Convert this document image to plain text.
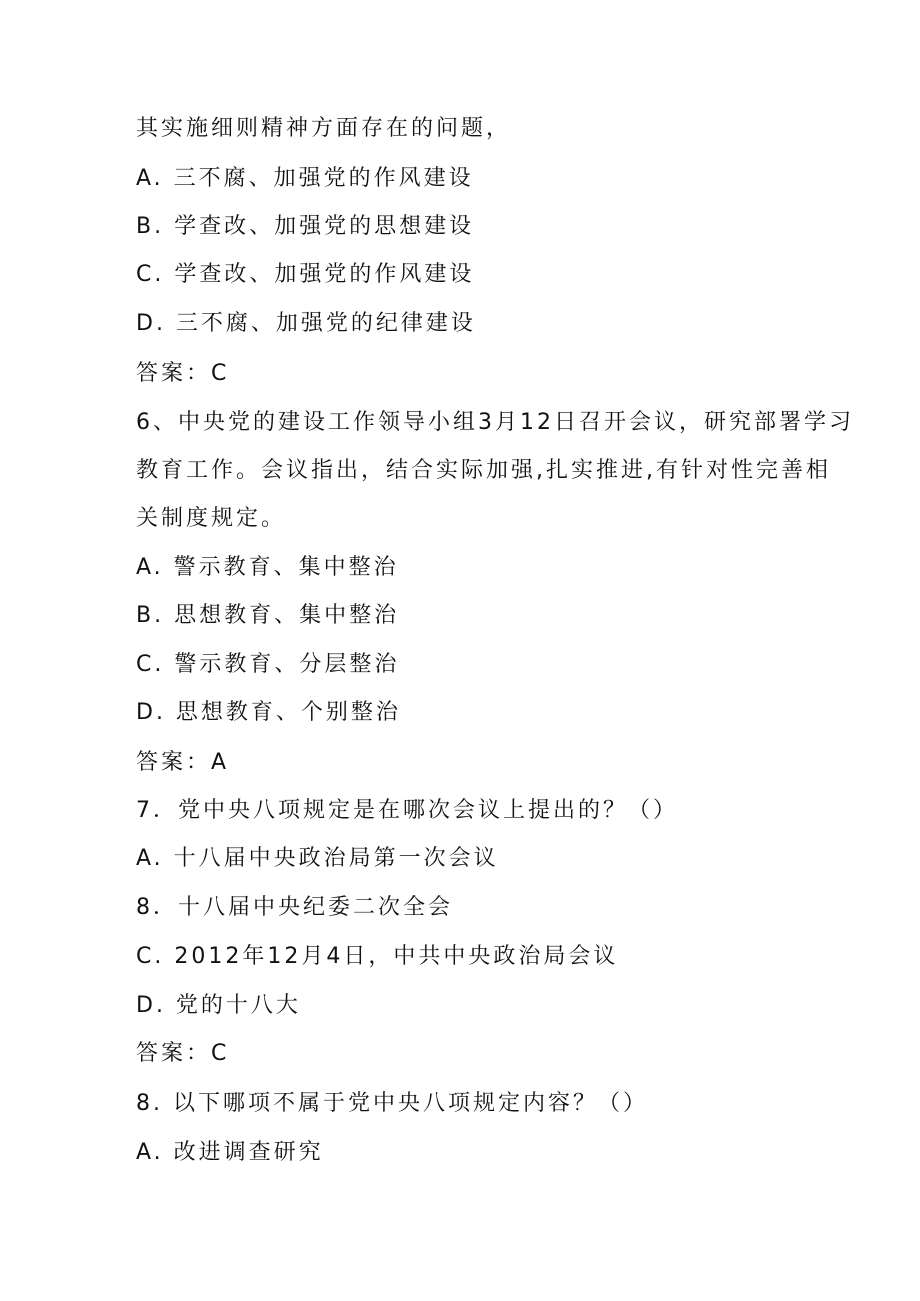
其实施细则精神方面存在的问题，
A. 三不腐、加强党的作风建设
B. 学查改、加强党的思想建设
C. 学查改、加强党的作风建设
D. 三不腐、加强党的纪律建设
答案：C
6、中央党的建设工作领导小组3月12日召开会议，研究部署学习
教育工作。会议指出，结合实际加强,扎实推进,有针对性完善相
关制度规定。
A. 警示教育、集中整治
B. 思想教育、集中整治
C. 警示教育、分层整治
D. 思想教育、个别整治
答案：A
7．党中央八项规定是在哪次会议上提出的？（）
A. 十八届中央政治局第一次会议
8．十八届中央纪委二次全会
C. 2012年12月4日，中共中央政治局会议
D. 党的十八大
答案：C
8. 以下哪项不属于党中央八项规定内容？（）
A. 改进调查研究
